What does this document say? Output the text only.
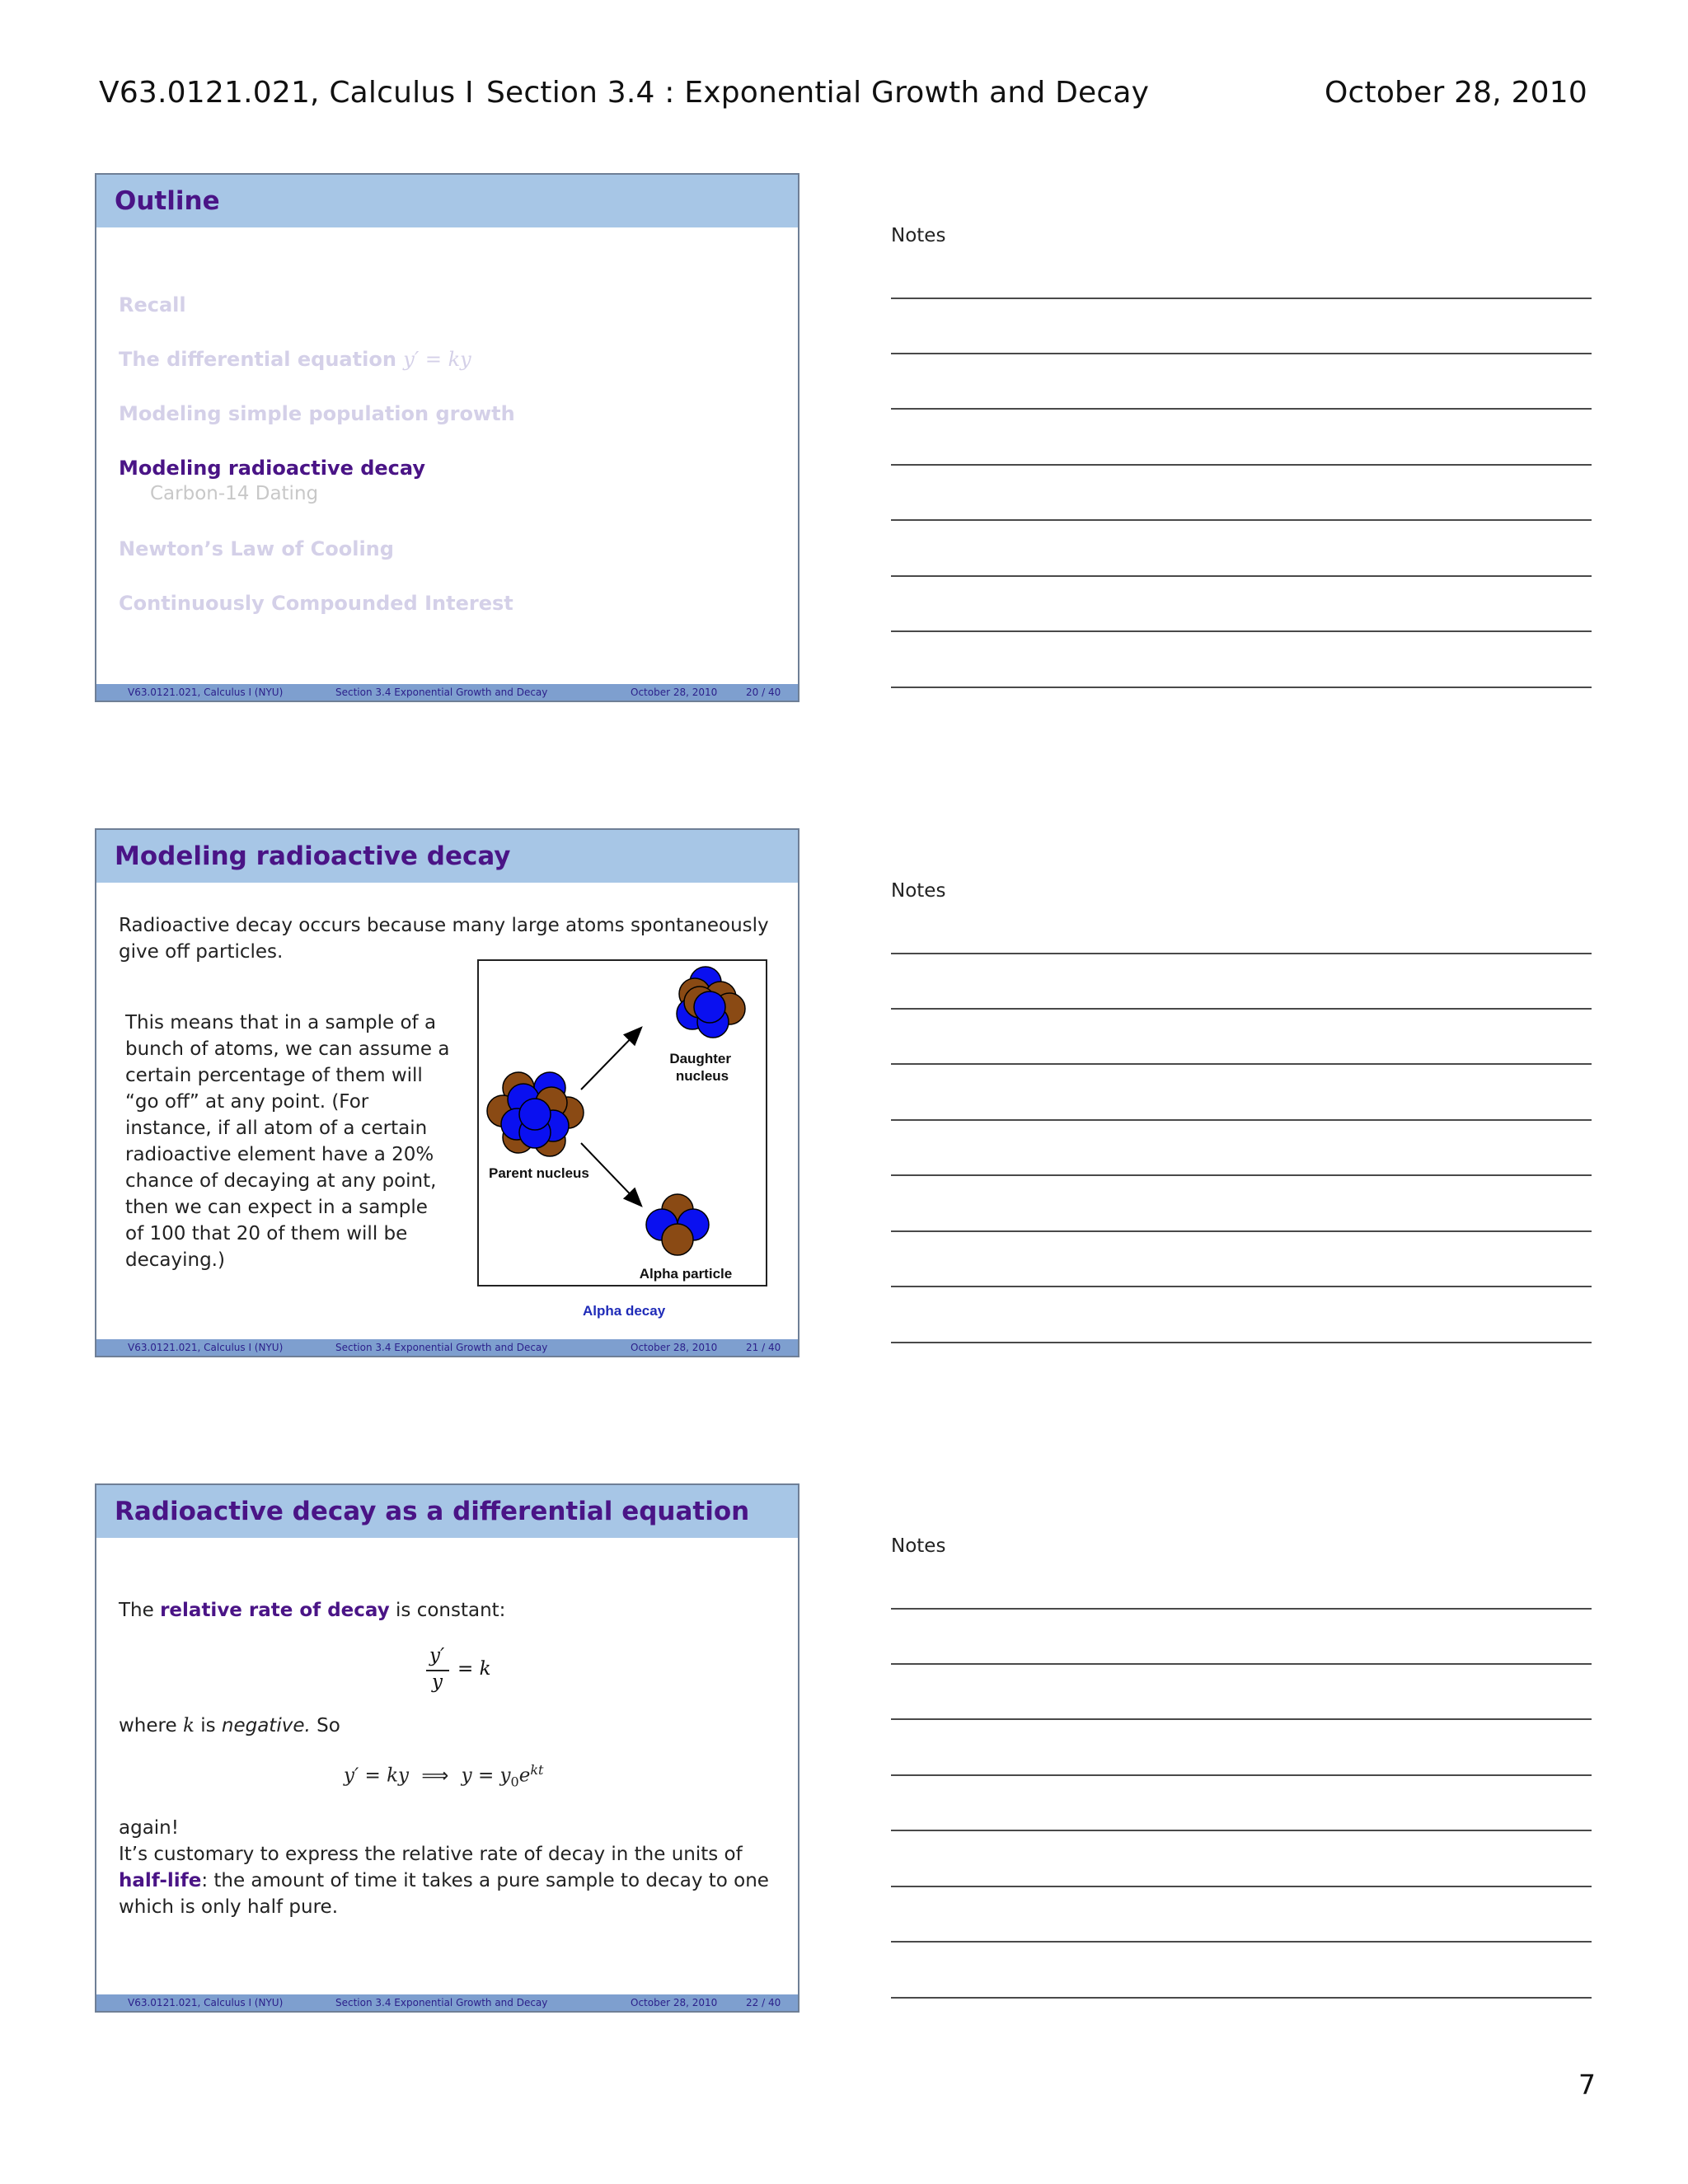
V63.0121.021, Calculus I Section 3.4 : Exponential Growth and Decay	October 28, 2010
Outline
Recall
The differential equation y′ = ky
Modeling simple population growth
Modeling radioactive decay
Carbon-14 Dating
Newton’s Law of Cooling
Continuously Compounded Interest
V63.0121.021, Calculus I (NYU)	Section 3.4 Exponential Growth and Decay	October 28, 2010	20 / 40
Modeling radioactive decay
Radioactive decay occurs because many large atoms spontaneously give off particles.
This means that in a sample of a
bunch of atoms, we can assume a
certain percentage of them will
“go off” at any point. (For
instance, if all atom of a certain
radioactive element have a 20%
chance of decaying at any point,
then we can expect in a sample
of 100 that 20 of them will be
decaying.)
Daughter nucleus
Parent nucleus
Alpha particle
Alpha decay
V63.0121.021, Calculus I (NYU)	Section 3.4 Exponential Growth and Decay	October 28, 2010	21 / 40
Radioactive decay as a differential equation
The relative rate of decay is constant:
y′
y
= k
where k is negative. So
y′ = ky ⟹ $y = y_0e^{kt}$
again!
It’s customary to express the relative rate of decay in the units of half-life: the amount of time it takes a pure sample to decay to one which is only half pure.
V63.0121.021, Calculus I (NYU)	Section 3.4 Exponential Growth and Decay	October 28, 2010	22 / 40
Notes
Notes
Notes
7
